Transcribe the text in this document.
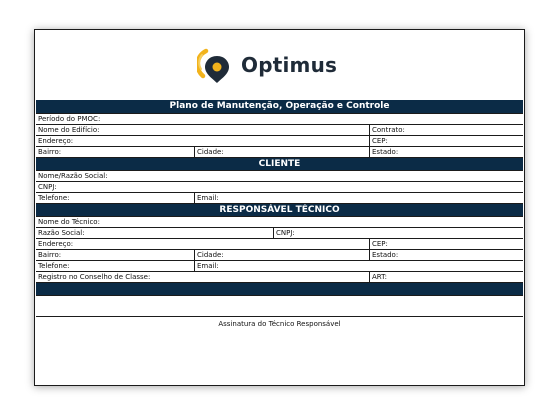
Optimus
Plano de Manutenção, Operação e Controle
Período do PMOC:
Nome do Edifício:	Contrato:
Endereço:	CEP:
Bairro:	Cidade:	Estado:
CLIENTE
Nome/Razão Social:
CNPJ:
Telefone:	Email:
RESPONSÁVEL TÉCNICO
Nome do Técnico:
Razão Social:	CNPJ:
Endereço:	CEP:
Bairro:	Cidade:	Estado:
Telefone:	Email:
Registro no Conselho de Classe:	ART:
Assinatura do Técnico Responsável
